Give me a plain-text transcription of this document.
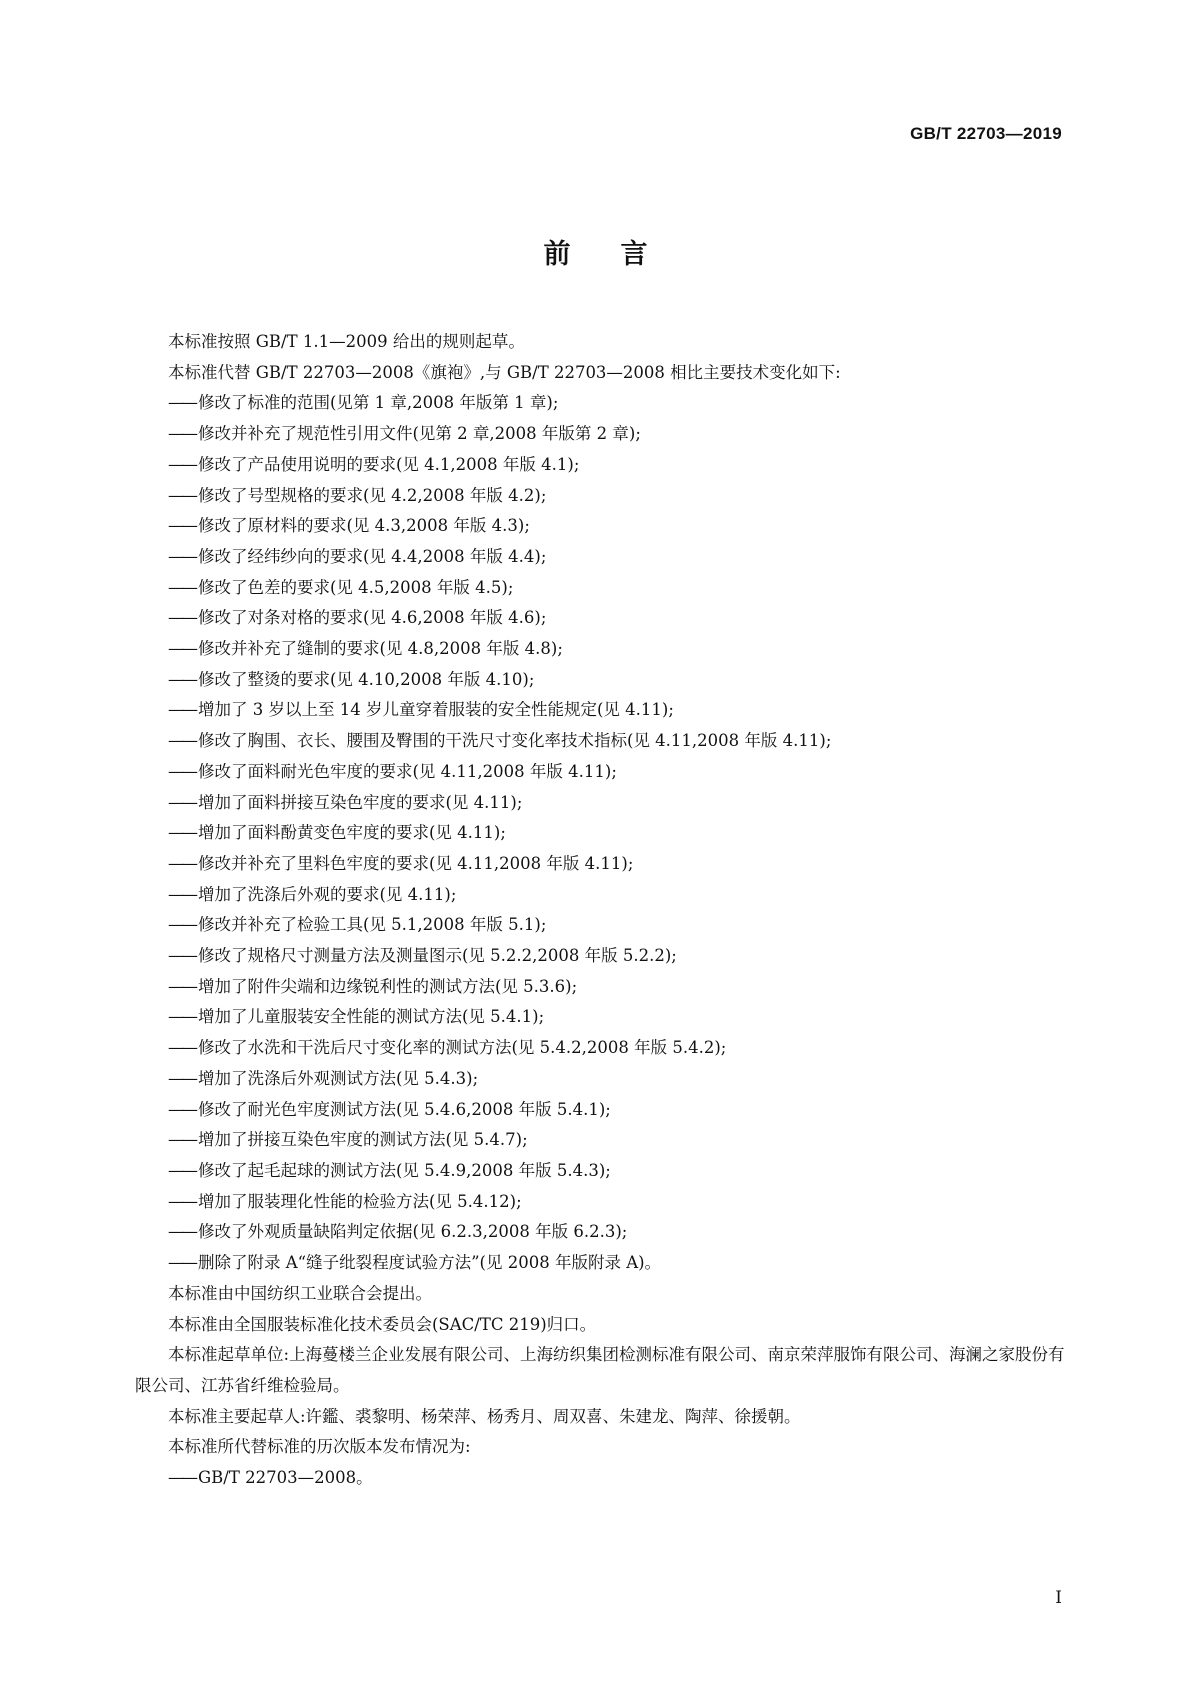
GB/T 22703—2019
前言

本标准按照 GB/T 1.1—2009 给出的规则起草。

本标准代替 GB/T 22703—2008《旗袍》,与 GB/T 22703—2008 相比主要技术变化如下:

—— 修改了标准的范围(见第 1 章,2008 年版第 1 章);
—— 修改并补充了规范性引用文件(见第 2 章,2008 年版第 2 章);
—— 修改了产品使用说明的要求(见 4.1,2008 年版 4.1);
—— 修改了号型规格的要求(见 4.2,2008 年版 4.2);
—— 修改了原材料的要求(见 4.3,2008 年版 4.3);
—— 修改了经纬纱向的要求(见 4.4,2008 年版 4.4);
—— 修改了色差的要求(见 4.5,2008 年版 4.5);
—— 修改了对条对格的要求(见 4.6,2008 年版 4.6);
—— 修改并补充了缝制的要求(见 4.8,2008 年版 4.8);
—— 修改了整烫的要求(见 4.10,2008 年版 4.10);
—— 增加了 3 岁以上至 14 岁儿童穿着服装的安全性能规定(见 4.11);
—— 修改了胸围、衣长、腰围及臀围的干洗尺寸变化率技术指标(见 4.11,2008 年版 4.11);
—— 修改了面料耐光色牢度的要求(见 4.11,2008 年版 4.11);
—— 增加了面料拼接互染色牢度的要求(见 4.11);
—— 增加了面料酚黄变色牢度的要求(见 4.11);
—— 修改并补充了里料色牢度的要求(见 4.11,2008 年版 4.11);
—— 增加了洗涤后外观的要求(见 4.11);
—— 修改并补充了检验工具(见 5.1,2008 年版 5.1);
—— 修改了规格尺寸测量方法及测量图示(见 5.2.2,2008 年版 5.2.2);
—— 增加了附件尖端和边缘锐利性的测试方法(见 5.3.6);
—— 增加了儿童服装安全性能的测试方法(见 5.4.1);
—— 修改了水洗和干洗后尺寸变化率的测试方法(见 5.4.2,2008 年版 5.4.2);
—— 增加了洗涤后外观测试方法(见 5.4.3);
—— 修改了耐光色牢度测试方法(见 5.4.6,2008 年版 5.4.1);
—— 增加了拼接互染色牢度的测试方法(见 5.4.7);
—— 修改了起毛起球的测试方法(见 5.4.9,2008 年版 5.4.3);
—— 增加了服装理化性能的检验方法(见 5.4.12);
—— 修改了外观质量缺陷判定依据(见 6.2.3,2008 年版 6.2.3);
—— 删除了附录 A“缝子纰裂程度试验方法”(见 2008 年版附录 A)。

本标准由中国纺织工业联合会提出。

本标准由全国服装标准化技术委员会(SAC/TC 219)归口。

本标准起草单位:上海蔓楼兰企业发展有限公司、上海纺织集团检测标准有限公司、南京荣萍服饰有限公司、海澜之家股份有限公司、江苏省纤维检验局。

本标准主要起草人:许鑑、裘黎明、杨荣萍、杨秀月、周双喜、朱建龙、陶萍、徐援朝。

本标准所代替标准的历次版本发布情况为:

—— GB/T 22703—2008。

I
